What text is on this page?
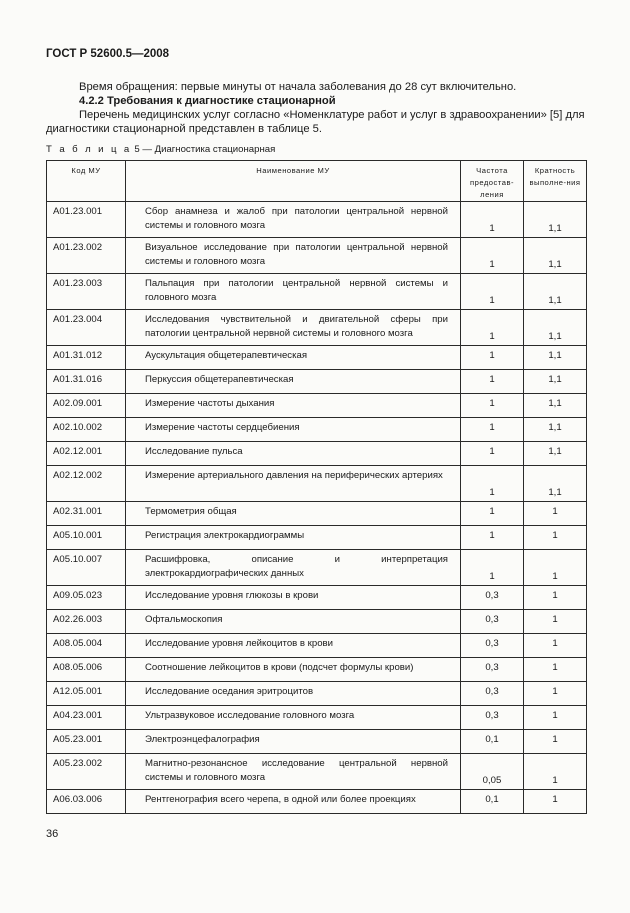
ГОСТ Р 52600.5—2008
Время обращения: первые минуты от начала заболевания до 28 сут включительно.
4.2.2 Требования к диагностике стационарной
Перечень медицинских услуг согласно «Номенклатуре работ и услуг в здравоохранении» [5] для
диагностики стационарной представлен в таблице 5.
Т а б л и ц а 5 — Диагностика стационарная
Код МУ	Наименование МУ	Частота предостав-ления	Кратность выполне-ния
A01.23.001	Сбор анамнеза и жалоб при патологии центральной нервной системы и головного мозга	1	1,1
A01.23.002	Визуальное исследование при патологии центральной нервной системы и головного мозга	1	1,1
A01.23.003	Пальпация при патологии центральной нервной системы и головного мозга	1	1,1
A01.23.004	Исследования чувствительной и двигательной сферы при патологии центральной нервной системы и головного мозга	1	1,1
A01.31.012	Аускультация общетерапевтическая	1	1,1
A01.31.016	Перкуссия общетерапевтическая	1	1,1
A02.09.001	Измерение частоты дыхания	1	1,1
A02.10.002	Измерение частоты сердцебиения	1	1,1
A02.12.001	Исследование пульса	1	1,1
A02.12.002	Измерение артериального давления на периферических артериях	1	1,1
A02.31.001	Термометрия общая	1	1
A05.10.001	Регистрация электрокардиограммы	1	1
A05.10.007	Расшифровка, описание и интерпретация электрокардиографических данных	1	1
A09.05.023	Исследование уровня глюкозы в крови	0,3	1
A02.26.003	Офтальмоскопия	0,3	1
A08.05.004	Исследование уровня лейкоцитов в крови	0,3	1
A08.05.006	Соотношение лейкоцитов в крови (подсчет формулы крови)	0,3	1
A12.05.001	Исследование оседания эритроцитов	0,3	1
A04.23.001	Ультразвуковое исследование головного мозга	0,3	1
A05.23.001	Электроэнцефалография	0,1	1
A05.23.002	Магнитно-резонансное исследование центральной нервной системы и головного мозга	0,05	1
A06.03.006	Рентгенография всего черепа, в одной или более проекциях	0,1	1
36
